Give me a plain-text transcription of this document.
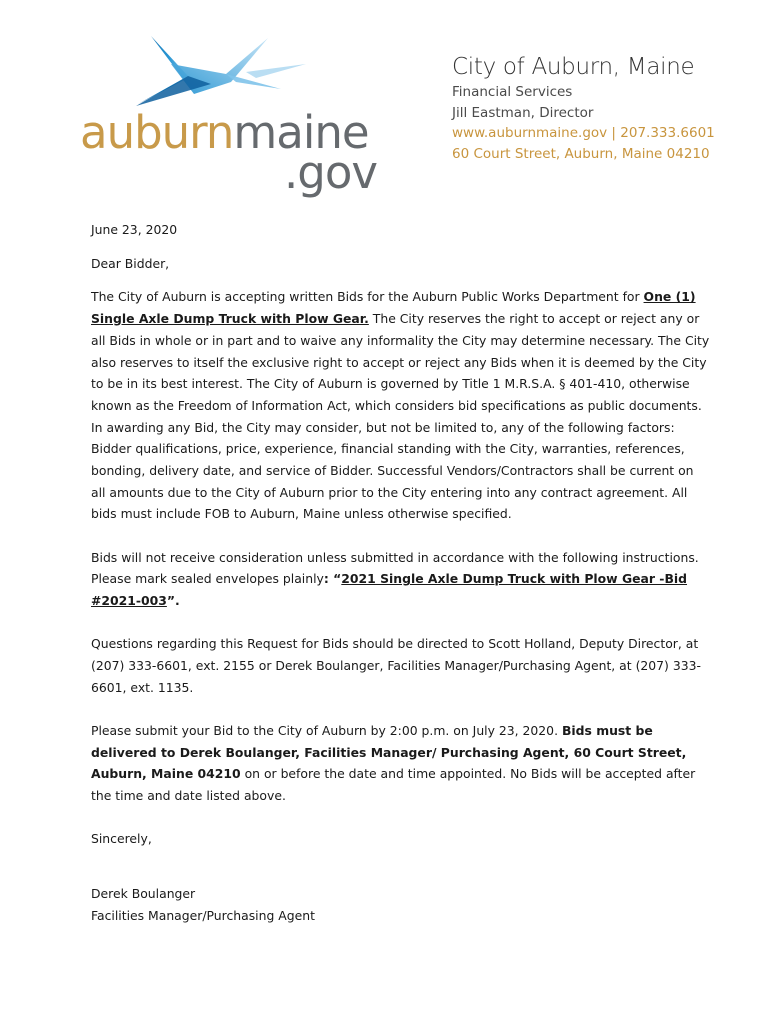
auburnmaine
.gov
City of Auburn, Maine
Financial Services
Jill Eastman, Director
www.auburnmaine.gov | 207.333.6601
60 Court Street, Auburn, Maine 04210

June 23, 2020

Dear Bidder,

The City of Auburn is accepting written Bids for the Auburn Public Works Department for One (1) Single Axle Dump Truck with Plow Gear. The City reserves the right to accept or reject any or all Bids in whole or in part and to waive any informality the City may determine necessary. The City also reserves to itself the exclusive right to accept or reject any Bids when it is deemed by the City to be in its best interest. The City of Auburn is governed by Title 1 M.R.S.A. § 401-410, otherwise known as the Freedom of Information Act, which considers bid specifications as public documents. In awarding any Bid, the City may consider, but not be limited to, any of the following factors: Bidder qualifications, price, experience, financial standing with the City, warranties, references, bonding, delivery date, and service of Bidder. Successful Vendors/Contractors shall be current on all amounts due to the City of Auburn prior to the City entering into any contract agreement. All bids must include FOB to Auburn, Maine unless otherwise specified.

Bids will not receive consideration unless submitted in accordance with the following instructions. Please mark sealed envelopes plainly: “2021 Single Axle Dump Truck with Plow Gear -Bid #2021-003”.

Questions regarding this Request for Bids should be directed to Scott Holland, Deputy Director, at (207) 333-6601, ext. 2155 or Derek Boulanger, Facilities Manager/Purchasing Agent, at (207) 333-6601, ext. 1135.

Please submit your Bid to the City of Auburn by 2:00 p.m. on July 23, 2020. Bids must be delivered to Derek Boulanger, Facilities Manager/ Purchasing Agent, 60 Court Street, Auburn, Maine 04210 on or before the date and time appointed. No Bids will be accepted after the time and date listed above.

Sincerely,

Derek Boulanger

Facilities Manager/Purchasing Agent
